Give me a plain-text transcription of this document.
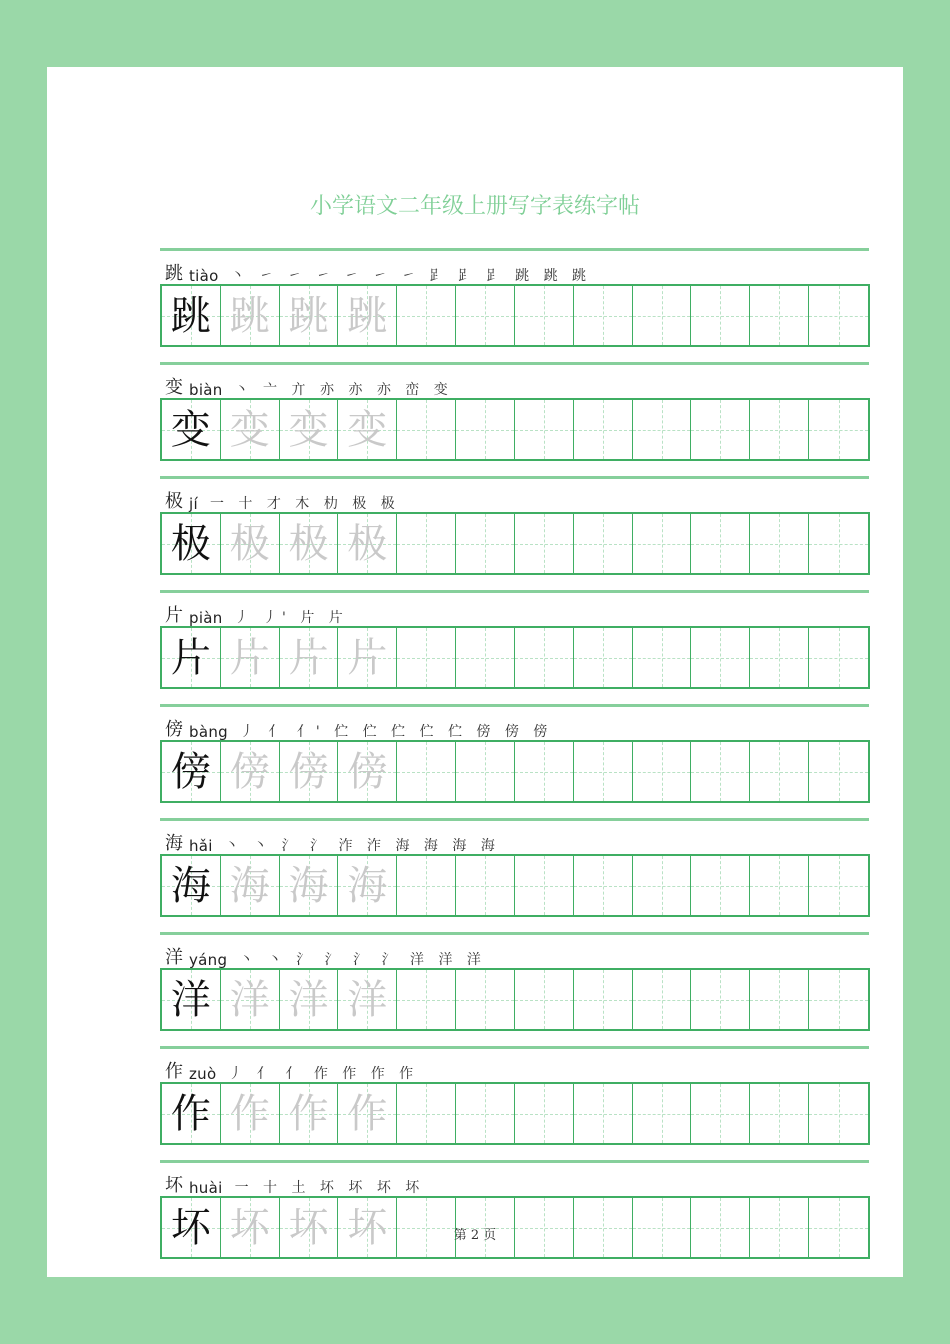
小学语文二年级上册写字表练字帖
跳 tiào 丶 ㇀ ㇀ ㇀ ㇀ ㇀ ㇀ 𧾷 𧾷 𧾷 跳 跳 跳
跳 跳 跳 跳
变 biàn 丶 亠 亣 亦 亦 亦 峦 变
变 变 变 变
极 jí 一 十 才 木 朸 极 极
极 极 极 极
片 piàn 丿 丿' 片 片
片 片 片 片
傍 bàng 丿 亻 亻' 伫 伫 伫 伫 伫 傍 傍 傍
傍 傍 傍 傍
海 hǎi 丶 丶 氵 氵 泎 泎 海 海 海 海
海 海 海 海
洋 yáng 丶 丶 氵 氵 氵 氵 洋 洋 洋
洋 洋 洋 洋
作 zuò 丿 亻 亻 作 作 作 作
作 作 作 作
坏 huài 一 十 土 坏 坏 坏 坏
坏 坏 坏 坏	第 2 页
